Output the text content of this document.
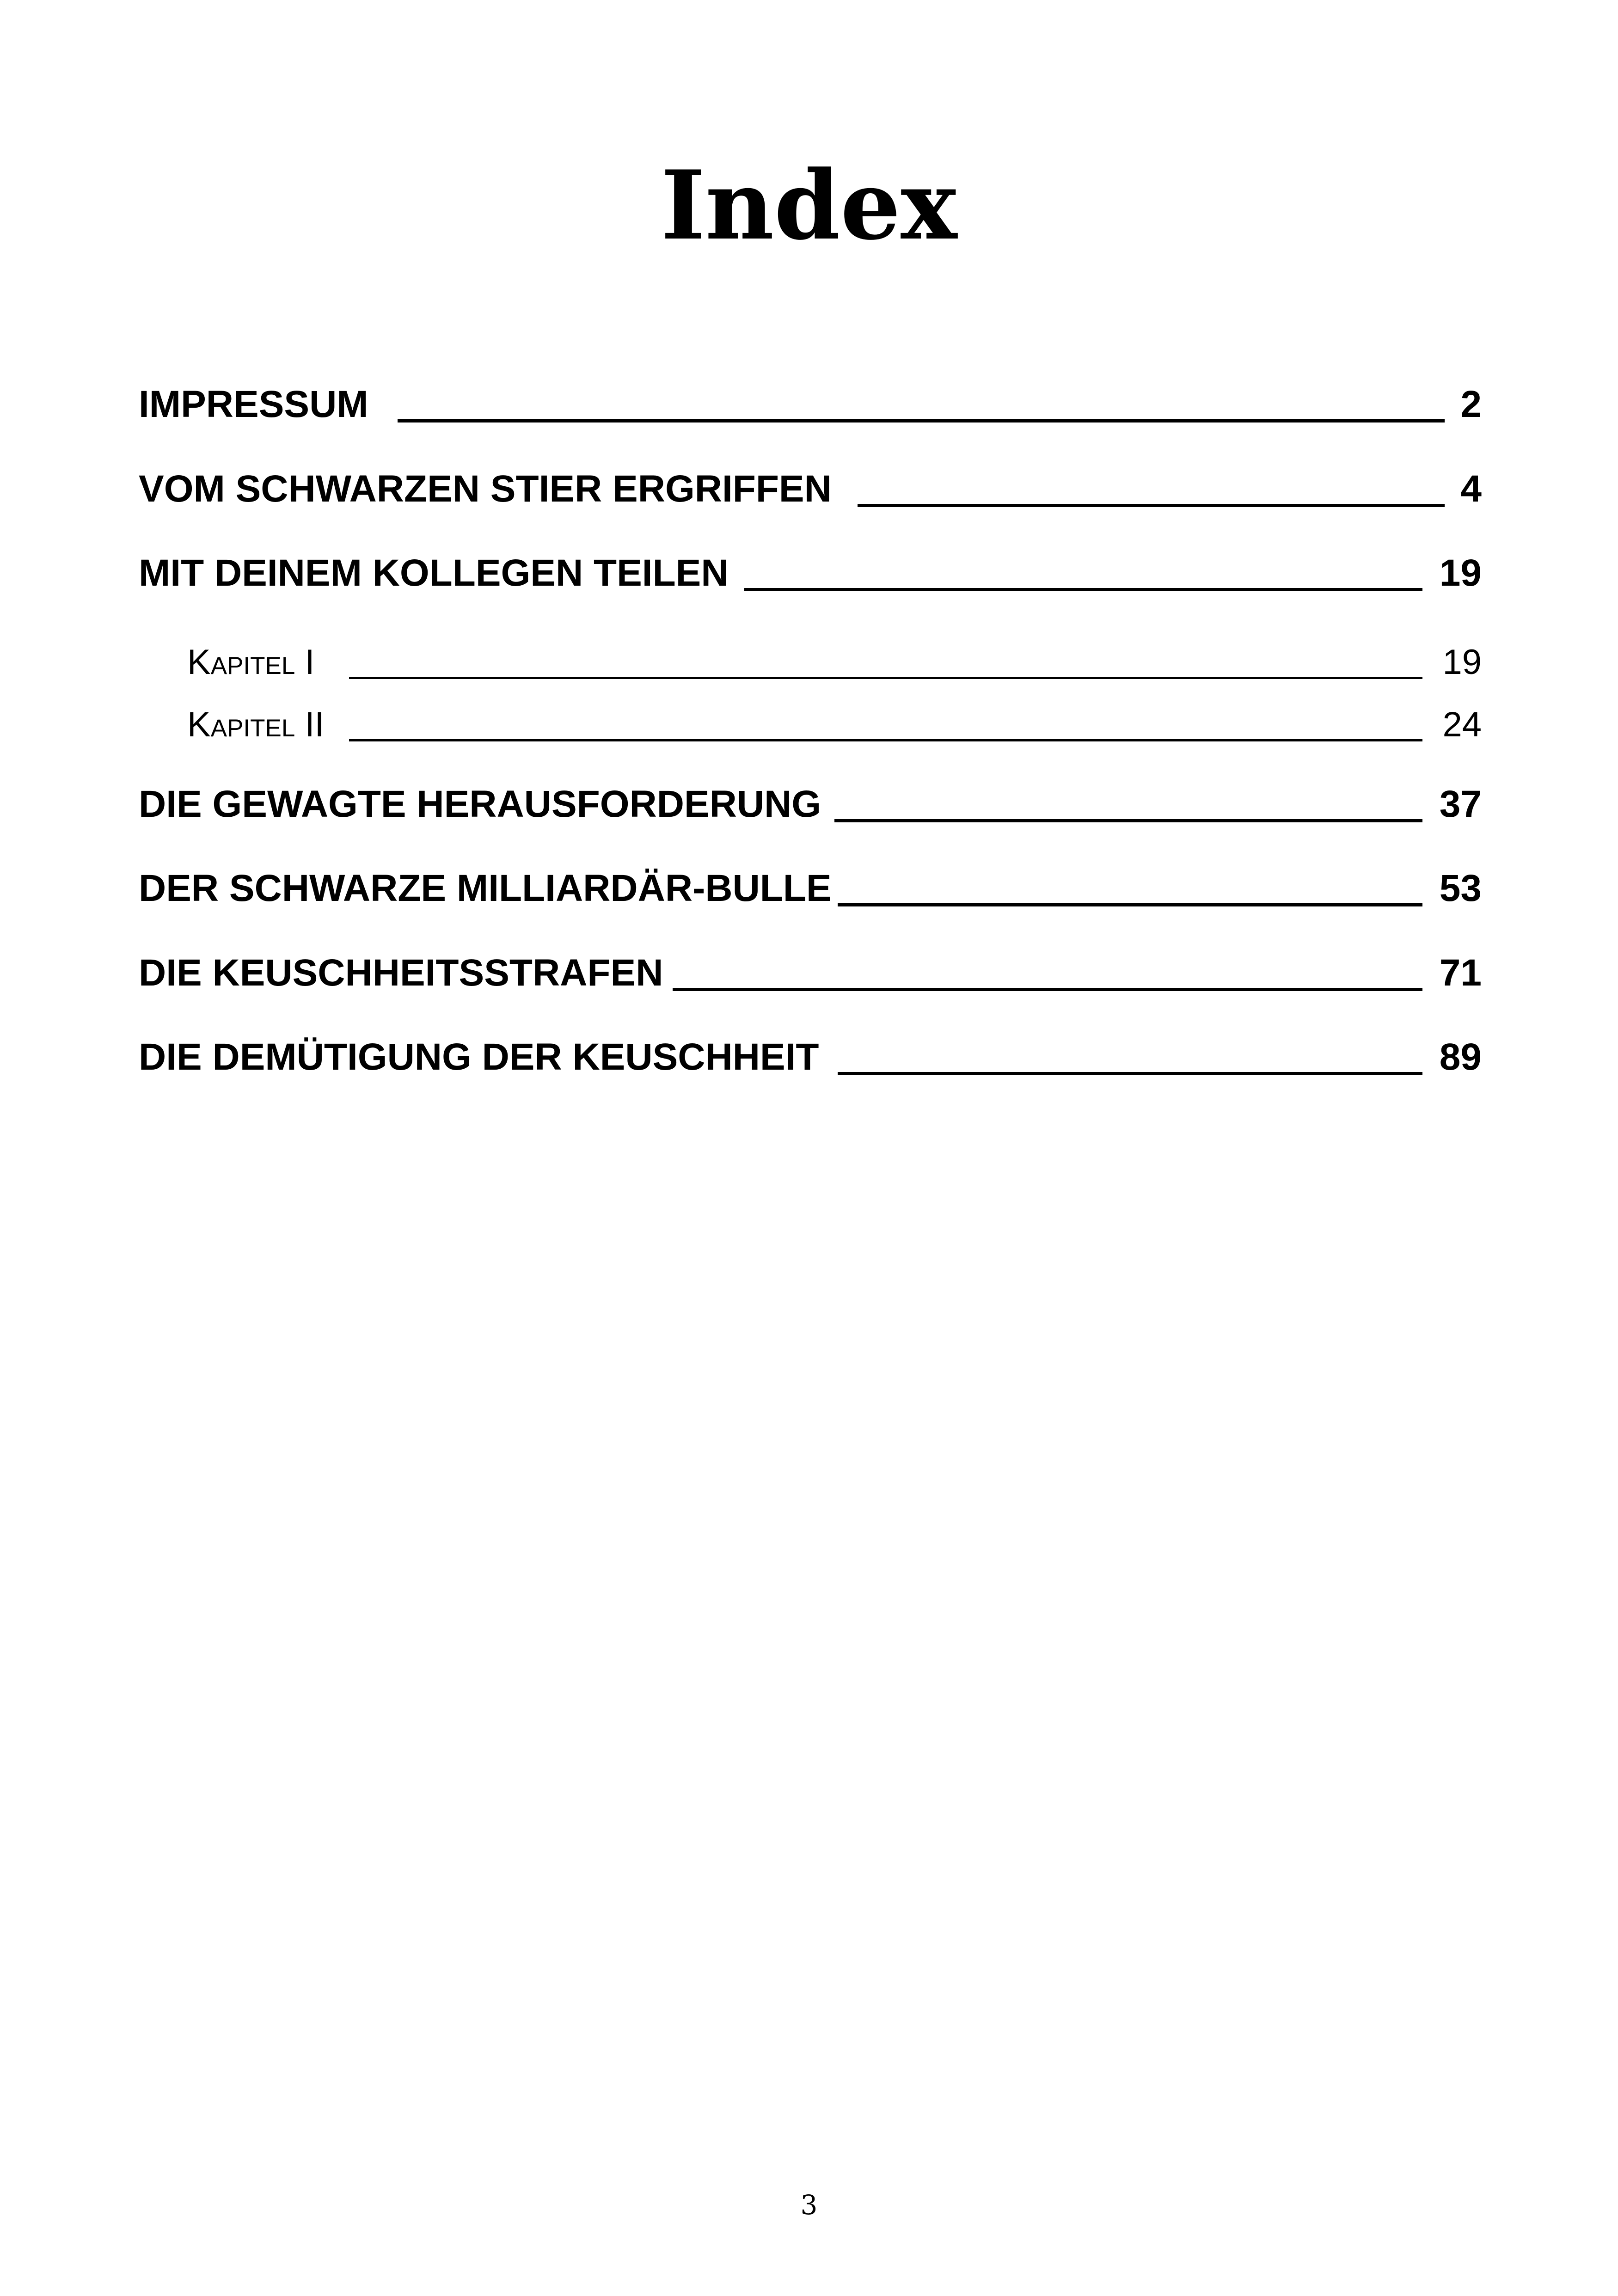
Index
IMPRESSUM	2
VOM SCHWARZEN STIER ERGRIFFEN	4
MIT DEINEM KOLLEGEN TEILEN	19
Kapitel I	19
Kapitel II	24
DIE GEWAGTE HERAUSFORDERUNG	37
DER SCHWARZE MILLIARDÄR-BULLE	53
DIE KEUSCHHEITSSTRAFEN	71
DIE DEMÜTIGUNG DER KEUSCHHEIT	89
3
